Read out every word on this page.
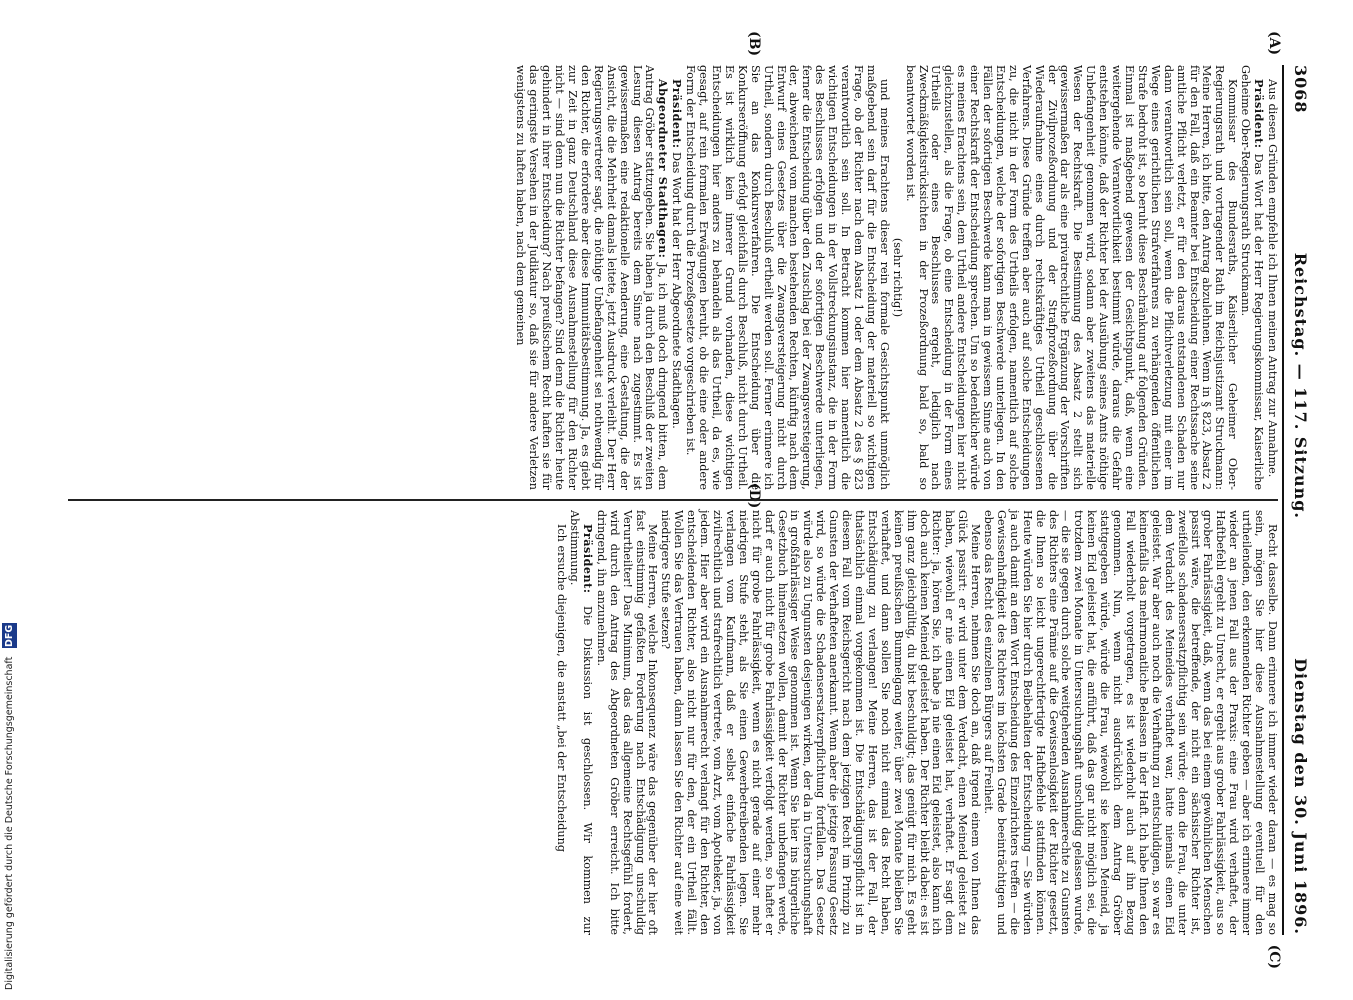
3068
Reichstag. — 117. Sitzung.
Dienstag den 30. Juni 1896.
(A)
(B)
(C)
(D)

Aus diesen Gründen empfehle ich Ihnen meinen Antrag zur Annahme.

Präsident: Das Wort hat der Herr Regierungskommissar, Kaiserliche Geheime Ober-Regierungsrath Struckmann.

Kommissar des Bundesraths, Kaiserlicher Geheimer Ober-Regierungsrath und vortragender Rath im Reichsjustizamt Struckmann: Meine Herren, ich bitte, den Antrag abzulehnen. Wenn in § 823, Absatz 2 für den Fall, daß ein Beamter bei Entscheidung einer Rechtssache seine amtliche Pflicht verletzt, er für den daraus entstandenen Schaden nur dann verantwortlich sein soll, wenn die Pflichtverletzung mit einer im Wege eines gerichtlichen Strafverfahrens zu verhängenden öffentlichen Strafe bedroht ist, so beruht diese Beschränkung auf folgenden Gründen. Einmal ist maßgebend gewesen der Gesichtspunkt, daß, wenn eine weitergehende Verantwortlichkeit bestimmt würde, daraus die Gefahr entstehen könnte, daß der Richter bei der Ausübung seines Amts nöthige Unbefangenheit genommen wird, sodann aber zweitens das materielle Wesen der Rechtskraft. Die Bestimmung des Absatz 2 stellt sich gewissermaßen dar als eine privatrechtliche Ergänzung der Vorschriften der Zivilprozeßordnung und der Strafprozeßordnung über die Wiederaufnahme eines durch rechtskräftiges Urtheil geschlossenen Verfahrens. Diese Gründe treffen aber auch auf solche Entscheidungen zu, die nicht in der Form des Urtheils erfolgen, namentlich auf solche Entscheidungen, welche der sofortigen Beschwerde unterliegen. In den Fällen der sofortigen Beschwerde kann man in gewissem Sinne auch von einer Rechtskraft der Entscheidung sprechen. Um so bedenklicher würde es meines Erachtens sein, dem Urtheil andere Entscheidungen hier nicht gleichzustellen, als die Frage, ob eine Entscheidung in der Form eines Urtheils oder eines Beschlusses ergeht, lediglich nach Zweckmäßigkeitsrücksichten in der Prozeßordnung bald so, bald so beantwortet worden ist.

(sehr richtig!)

und meines Erachtens dieser rein formale Gesichtspunkt unmöglich maßgebend sein darf für die Entscheidung der materiell so wichtigen Frage, ob der Richter nach dem Absatz 1 oder dem Absatz 2 des § 823 verantwortlich sein soll. In Betracht kommen hier namentlich die wichtigen Entscheidungen in der Vollstreckungsinstanz, die in der Form des Beschlusses erfolgen und der sofortigen Beschwerde unterliegen, ferner die Entscheidung über den Zuschlag bei der Zwangsversteigerung, der, abweichend vom manchen bestehenden Rechten, künftig nach dem Entwurf eines Gesetzes über die Zwangsversteigerung nicht durch Urtheil, sondern durch Beschluß ertheilt werden soll. Ferner erinnere ich Sie an das Konkursverfahren. Die Entscheidung über die Konkurseröffnung erfolgt gleichfalls durch Beschluß, nicht durch Urtheil. Es ist wirklich kein innerer Grund vorhanden, diese wichtigen Entscheidungen hier anders zu behandeln als das Urtheil, da es, wie gesagt, auf rein formalen Erwägungen beruht, ob die eine oder andere Form der Entscheidung durch die Prozeßgesetze vorgeschrieben ist.

Präsident: Das Wort hat der Herr Abgeordnete Stadthagen.

Abgeordneter Stadthagen: Ja, ich muß doch dringend bitten, dem Antrag Gröber stattzugeben. Sie haben ja durch den Beschluß der zweiten Lesung diesen Antrag bereits dem Sinne nach zugestimmt. Es ist gewissermaßen eine redaktionelle Aenderung, eine Gestaltung, die der Ansicht, die die Mehrheit damals leitete, jetzt Ausdruck verleiht. Der Herr Regierungsvertreter sagt, die nöthige Unbefangenheit sei nothwendig für den Richter, die erfordere aber diese Immunitätsbestimmung. Ja, es giebt zur Zeit in ganz Deutschland diese Ausnahmestellung für den Richter nicht — sind denn nun die Richter befangen? Sind denn die Richter heute gehindert in ihrer Entscheidung? Nach preußischem Recht haften sie für das geringste Versehen in der Judikatur so, daß sie für andere Verletzen wenigstens zu haften haben, nach dem gemeinen

Recht dasselbe. Dann erinnere ich immer wieder daran — es mag so sein, mögen Sie hier diese Ausnahmestellung eventuell für den urtheilenden, den erkennenden Richter geben — aber ich erinnere immer wieder an jenen Fall aus der Praxis: eine Frau wird verhaftet, der Haftbefehl ergeht zu Unrecht, er ergeht aus grober Fahrlässigkeit, aus so grober Fahrlässigkeit, daß, wenn das bei einem gewöhnlichen Menschen passirt wäre, die betreffende, der nicht ein sächsischer Richter ist, zweifellos schadensersatzpflichtig sein würde; denn die Frau, die unter dem Verdacht des Meineides verhaftet war, hatte niemals einen Eid geleistet. War aber auch noch die Verhaftung zu entschuldigen, so war es keinenfalls das mehrmonatliche Belassen in der Haft. Ich habe Ihnen den Fall wiederholt vorgetragen, es ist wiederholt auch auf ihn Bezug genommen. Nun, wenn nicht ausdrücklich dem Antrag Gröber stattgegeben würde, würde die Frau, wiewohl sie keinen Meineid, ja keinen Eid geleistet hat, die anführt, daß das gar nicht möglich sei, die trotzdem zwei Monate in Untersuchungshaft unschuldig gelassen wurde, — die sie gegen durch solche weitgehenden Ausnahmerechte zu Gunsten des Richters eine Prämie auf die Gewissenlosigkeit der Richter gesetzt, die Ihnen so leicht ungerechtfertigte Haftbefehle stattfinden können. Heute würden Sie hier durch Beibehalten der Entscheidung — Sie würden ja auch damit an dem Wort Entscheidung des Einzelrichters treffen — die Gewissenhaftigkeit des Richters im höchsten Grade beeinträchtigen und ebenso das Recht des einzelnen Bürgers auf Freiheit.

Meine Herren, nehmen Sie doch an, daß irgend einem von Ihnen das Glück passirt: er wird unter dem Verdacht, einen Meineid geleistet zu haben, wiewohl er nie einen Eid geleistet hat, verhaftet. Er sagt dem Richter: ja, hören Sie, ich habe ja nie einen Eid geleistet, also kann ich doch auch keinen Meineid geleistet haben. Der Richter bleibt dabei: es ist ihm ganz gleichgültig, du bist beschuldigt; das genügt für mich. Es geht keinen preußischen Bummelgang weiter, über zwei Monate bleiben Sie verhaftet, und dann sollen Sie noch nicht einmal das Recht haben, Entschädigung zu verlangen! Meine Herren, das ist der Fall, der thatsächlich einmal vorgekommen ist. Die Entschädigungspflicht ist in diesem Fall vom Reichsgericht nach dem jetzigen Recht im Prinzip zu Gunsten der Verhafteten anerkannt. Wenn aber die jetzige Fassung Gesetz wird, so würde die Schadensersatzverpflichtung fortfallen. Das Gesetz würde also zu Ungunsten desjenigen wirken, der da in Untersuchungshaft in großfahrlässiger Weise genommen ist. Wenn Sie hier ins bürgerliche Gesetzbuch hineinsetzen wollen, damit der Richter unbefangen werde, darf er auch nicht für grobe Fahrlässigkeit verfolgt werden, so haftet er nicht für grobe Fahrlässigkeit, wenn es nicht gerade auf einer mehr niedrigen Stufe steht, als Sie einen Gewerbetreibenden legen. Sie verlangen vom Kaufmann, daß er selbst einfache Fahrlässigkeit zivilrechtlich und strafrechtlich vertrete, vom Arzt, vom Apotheker, ja, von jedem. Hier aber wird ein Ausnahmerecht verlangt für den Richter, den entscheidenden Richter, also nicht nur für den, der ein Urtheil fällt. Wollen Sie das Vertrauen haben, dann lassen Sie den Richter auf eine weit niedrigere Stufe setzen?

Meine Herren, welche Inkonsequenz wäre das gegenüber der hier oft fast einstimmig gefaßten Forderung nach Entschädigung unschuldig Verurtheilter! Das Minimum, das das allgemeine Rechtsgefühl fordert, wird durch den Antrag des Abgeordneten Gröber erreicht. Ich bitte dringend, ihn anzunehmen.

Präsident: Die Diskussion ist geschlossen. Wir kommen zur Abstimmung.

Ich ersuche diejenigen, die anstatt „bei der Entscheidung

Digitalisierung gefördert durch die Deutsche Forschungsgemeinschaft DFG
